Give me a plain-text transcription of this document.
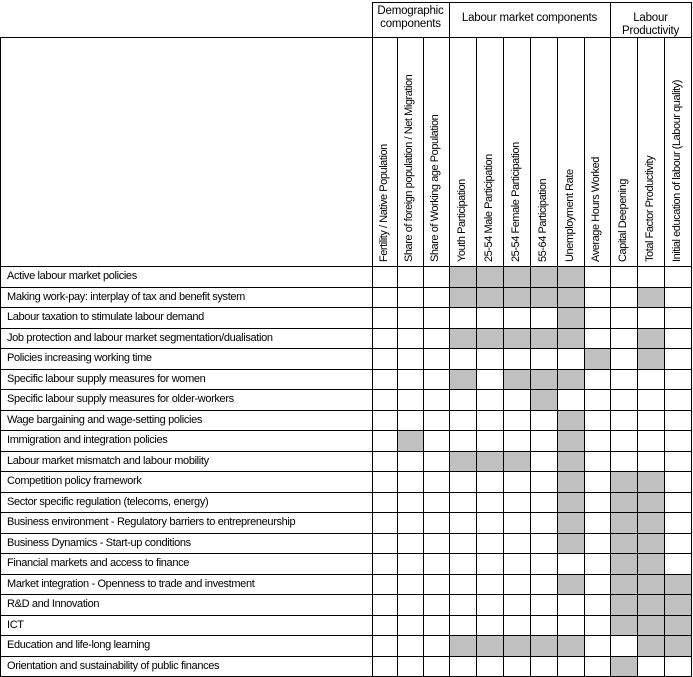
Demographic components	Labour market components	Labour Productivity
Fertility / Native Population Share of foreign population / Net Migration Share of Working age Population Youth Participation 25-54 Male Participation 25-54 Female Participation 55-64 Participation Unemployment Rate Average Hours Worked Capital Deepening Total Factor Productivity Initial education of labour (Labour quality)
Active labour market policies
Making work-pay: interplay of tax and benefit system
Labour taxation to stimulate labour demand
Job protection and labour market segmentation/dualisation
Policies increasing working time
Specific labour supply measures for women
Specific labour supply measures for older-workers
Wage bargaining and wage-setting policies
Immigration and integration policies
Labour market mismatch and labour mobility
Competition policy framework
Sector specific regulation (telecoms, energy)
Business environment - Regulatory barriers to entrepreneurship
Business Dynamics - Start-up conditions
Financial markets and access to finance
Market integration - Openness to trade and investment
R&D and Innovation
ICT
Education and life-long learning
Orientation and sustainability of public finances
